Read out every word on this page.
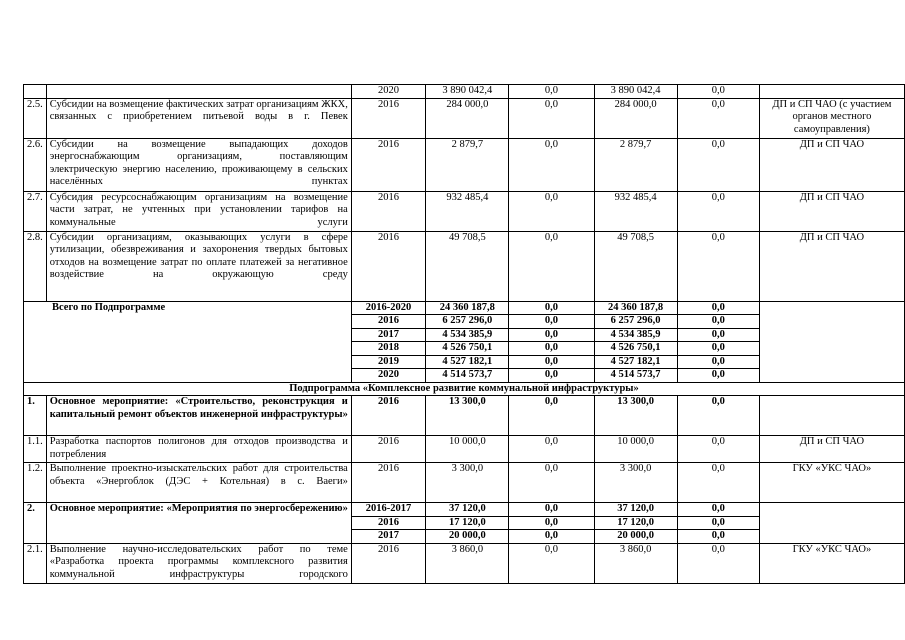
		2020	3 890 042,4	0,0	3 890 042,4	0,0	
2.5.	Субсидии на возмещение фактических затрат организациям ЖКХ, связанных с приобретением питьевой воды в г. Певек	2016	284 000,0	0,0	284 000,0	0,0	ДП и СП ЧАО (с участием органов местного самоуправления)
2.6.	Субсидии на возмещение выпадающих доходов энергоснабжающим организациям, поставляющим электрическую энергию населению, проживающему в сельских населённых пунктах	2016	2 879,7	0,0	2 879,7	0,0	ДП и СП ЧАО
2.7.	Субсидия ресурсоснабжающим организациям на возмещение части затрат, не учтенных при установлении тарифов на коммунальные услуги	2016	932 485,4	0,0	932 485,4	0,0	ДП и СП ЧАО
2.8.	Субсидии организациям, оказывающих услуги в сфере утилизации, обезвреживания и захоронения твердых бытовых отходов на возмещение затрат по оплате платежей за негативное воздействие на окружающую среду	2016	49 708,5	0,0	49 708,5	0,0	ДП и СП ЧАО
Всего по Подпрограмме		2016-2020	24 360 187,8	0,0	24 360 187,8	0,0	
		2016	6 257 296,0	0,0	6 257 296,0	0,0	
		2017	4 534 385,9	0,0	4 534 385,9	0,0	
		2018	4 526 750,1	0,0	4 526 750,1	0,0	
		2019	4 527 182,1	0,0	4 527 182,1	0,0	
		2020	4 514 573,7	0,0	4 514 573,7	0,0	
Подпрограмма «Комплексное развитие коммунальной инфраструктуры»							
1.	Основное мероприятие: «Строительство, реконструкция и капитальный ремонт объектов инженерной инфраструктуры»	2016	13 300,0	0,0	13 300,0	0,0	
1.1.	Разработка паспортов полигонов для отходов производства и потребления	2016	10 000,0	0,0	10 000,0	0,0	ДП и СП ЧАО
1.2.	Выполнение проектно-изыскательских работ для строительства объекта «Энергоблок (ДЭС + Котельная) в с. Ваеги»	2016	3 300,0	0,0	3 300,0	0,0	ГКУ «УКС ЧАО»
2.	Основное мероприятие: «Мероприятия по энергосбережению»	2016-2017	37 120,0	0,0	37 120,0	0,0	
		2016	17 120,0	0,0	17 120,0	0,0	
		2017	20 000,0	0,0	20 000,0	0,0	
2.1.	Выполнение научно-исследовательских работ по теме «Разработка проекта программы комплексного развития коммунальной инфраструктуры городского	2016	3 860,0	0,0	3 860,0	0,0	ГКУ «УКС ЧАО»
